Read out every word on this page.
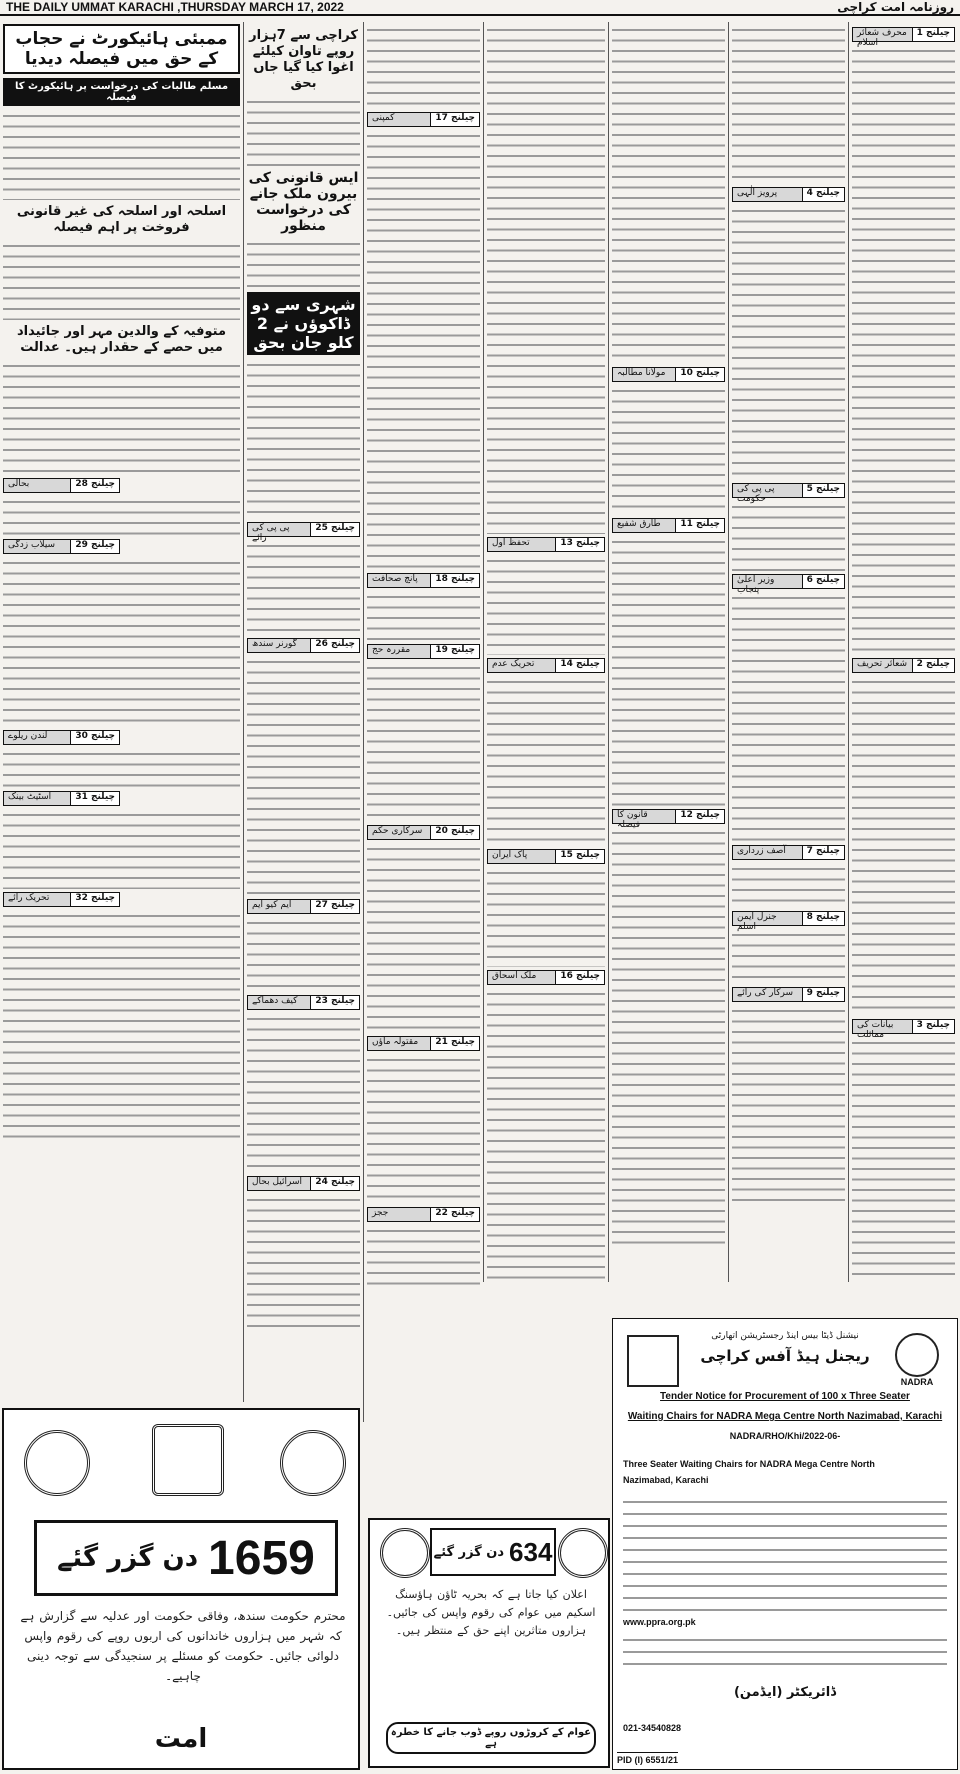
THE DAILY UMMAT KARACHI ,THURSDAY MARCH 17, 2022	روزنامہ امت کراچی
چیلنج 1
محرف شعائر اسلام
چیلنج 2
شعائر تحریف
چیلنج 3
بیانات کی مماثلت
چیلنج 4
پرویز الٰہی
چیلنج 5
پی پی کی حکومت
چیلنج 6
وزیر اعلیٰ پنجاب
چیلنج 7
آصف زرداری
چیلنج 8
جنرل ایمن اسلم
چیلنج 9
سرکار کی رائے
چیلنج 10
مولانا مطالبہ
چیلنج 11
طارق شفیع
چیلنج 12
قانون کا فیصلہ
چیلنج 13
تحفظ اول
چیلنج 14
تحریک عدم
چیلنج 15
پاک ایران
چیلنج 16
ملک اسحاق
چیلنج 17
کمپنی
چیلنج 18
پانچ صحافت
چیلنج 19
مقررہ حج
چیلنج 20
سرکاری حکم
چیلنج 21
مقتولہ ماؤں
چیلنج 22
ججز
کراچی سے 7ہزار روپے تاوان کیلئے اغوا کیا گیا جاں بحق
ایس قانونی کی بیرون ملک جانے کی درخواست منظور
شہری سے دو ڈاکوؤں نے 2 کلو جان بحق
چیلنج 25
پی پی کی رائے
چیلنج 26
گورنر سندھ
چیلنج 27
ایم کیو ایم
چیلنج 23
کیف دھماکے
چیلنج 24
اسرائیل بحال
ممبئی ہائیکورٹ نے حجاب کے حق میں فیصلہ دیدیا
مسلم طالبات کی درخواست پر ہائیکورٹ کا فیصلہ
اسلحہ اور اسلحہ کی غیر قانونی فروخت پر اہم فیصلہ
متوفیہ کے والدین مہر اور جائیداد میں حصے کے حقدار ہیں۔ عدالت
چیلنج 28
بحالی
چیلنج 29
سیلاب زدگی
چیلنج 30
لندن ریلوے
چیلنج 31
اسٹیٹ بینک
چیلنج 32
تحریک رائے
1659
دن گزر گئے
محترم حکومت سندھ، وفاقی حکومت اور عدلیہ سے گزارش ہے کہ شہر میں ہزاروں خاندانوں کی اربوں روپے کی رقوم واپس دلوائی جائیں۔ حکومت کو مسئلے پر سنجیدگی سے توجہ دینی چاہیے۔
امت
634
دن گزر گئے
اعلان کیا جاتا ہے کہ بحریہ ٹاؤن ہاؤسنگ اسکیم میں عوام کی رقوم واپس کی جائیں۔ ہزاروں متاثرین اپنے حق کے منتظر ہیں۔
عوام کے کروڑوں روپے ڈوب جانے کا خطرہ ہے
NADRA
نیشنل ڈیٹا بیس اینڈ رجسٹریشن اتھارٹی
ریجنل ہیڈ آفس کراچی
Tender Notice for Procurement of 100 x Three Seater
Waiting Chairs for NADRA Mega Centre North Nazimabad, Karachi
NADRA/RHO/Khi/2022-06-
Three Seater Waiting Chairs for NADRA Mega Centre North
Nazimabad, Karachi
www.ppra.org.pk
ڈائریکٹر (ایڈمن)
021-34540828
PID (I) 6551/21
